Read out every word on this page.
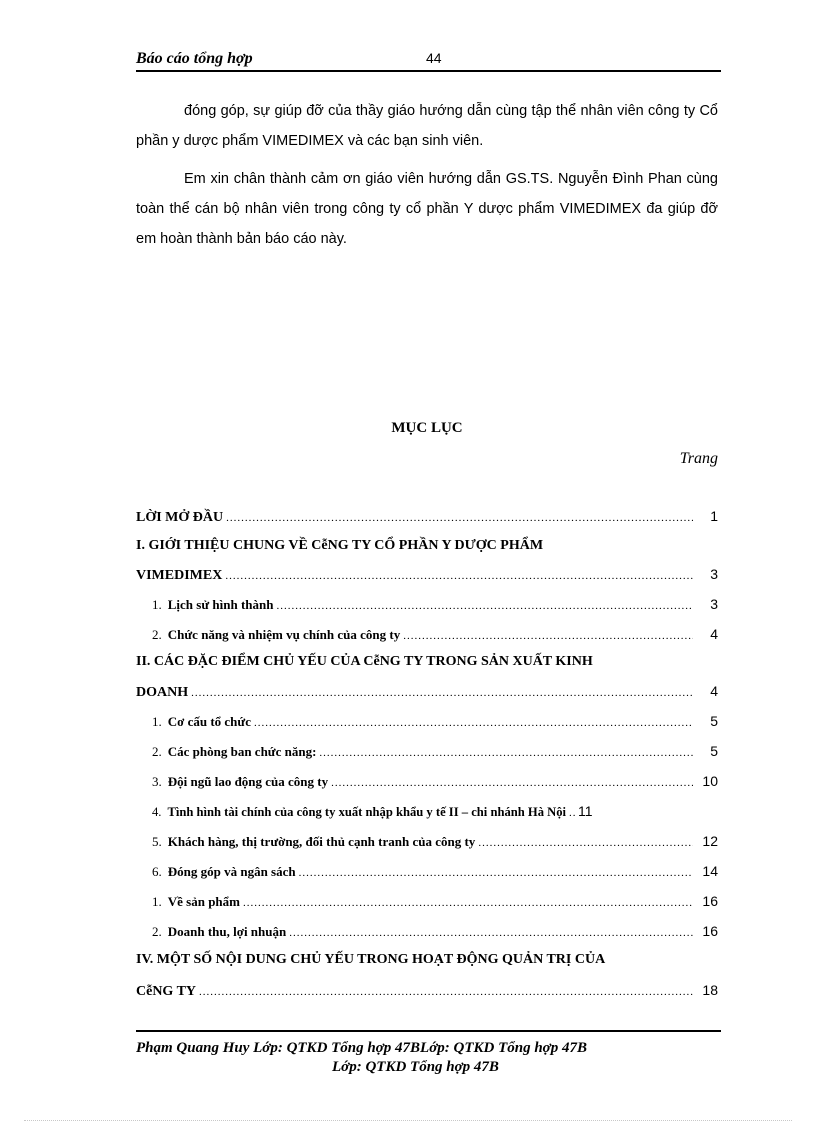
Báo cáo tổng hợp	44

đóng góp, sự giúp đỡ của thầy giáo hướng dẫn cùng tập thể nhân viên công ty Cổ phần y dược phẩm VIMEDIMEX và các bạn sinh viên.

Em xin chân thành cảm ơn giáo viên hướng dẫn GS.TS. Nguyễn Đình Phan cùng toàn thể cán bộ nhân viên trong công ty cổ phần Y dược phẩm VIMEDIMEX đa giúp đỡ em hoàn thành bản báo cáo này.

MỤC LỤC
Trang
LỜI MỞ ĐẦU .....	1
I. GIỚI THIỆU CHUNG VỀ CễNG TY CỔ PHẦN Y DƯỢC PHẨM
VIMEDIMEX .....	3
1. Lịch sử hình thành .....	3
2. Chức năng và nhiệm vụ chính của công ty .....	4
II. CÁC ĐẶC ĐIỂM CHỦ YẾU CỦA CễNG TY TRONG SẢN XUẤT KINH
DOANH .....	4
1. Cơ cấu tổ chức .....	5
2. Các phòng ban chức năng: .....	5
3. Đội ngũ lao động của công ty .....	10
4. Tình hình tài chính của công ty xuất nhập khẩu y tế II – chi nhánh Hà Nội ..... 11
5. Khách hàng, thị trường, đối thủ cạnh tranh của công ty .....	12
6. Đóng góp và ngân sách .....	14
1. Về sản phẩm .....	16
2. Doanh thu, lợi nhuận .....	16
IV. MỘT SỐ NỘI DUNG CHỦ YẾU TRONG HOẠT ĐỘNG QUẢN TRỊ CỦA
CễNG TY .....	18
Phạm Quang Huy Lớp: QTKD Tổng hợp 47BLớp: QTKD Tổng hợp 47B
Lớp: QTKD Tổng hợp 47B
